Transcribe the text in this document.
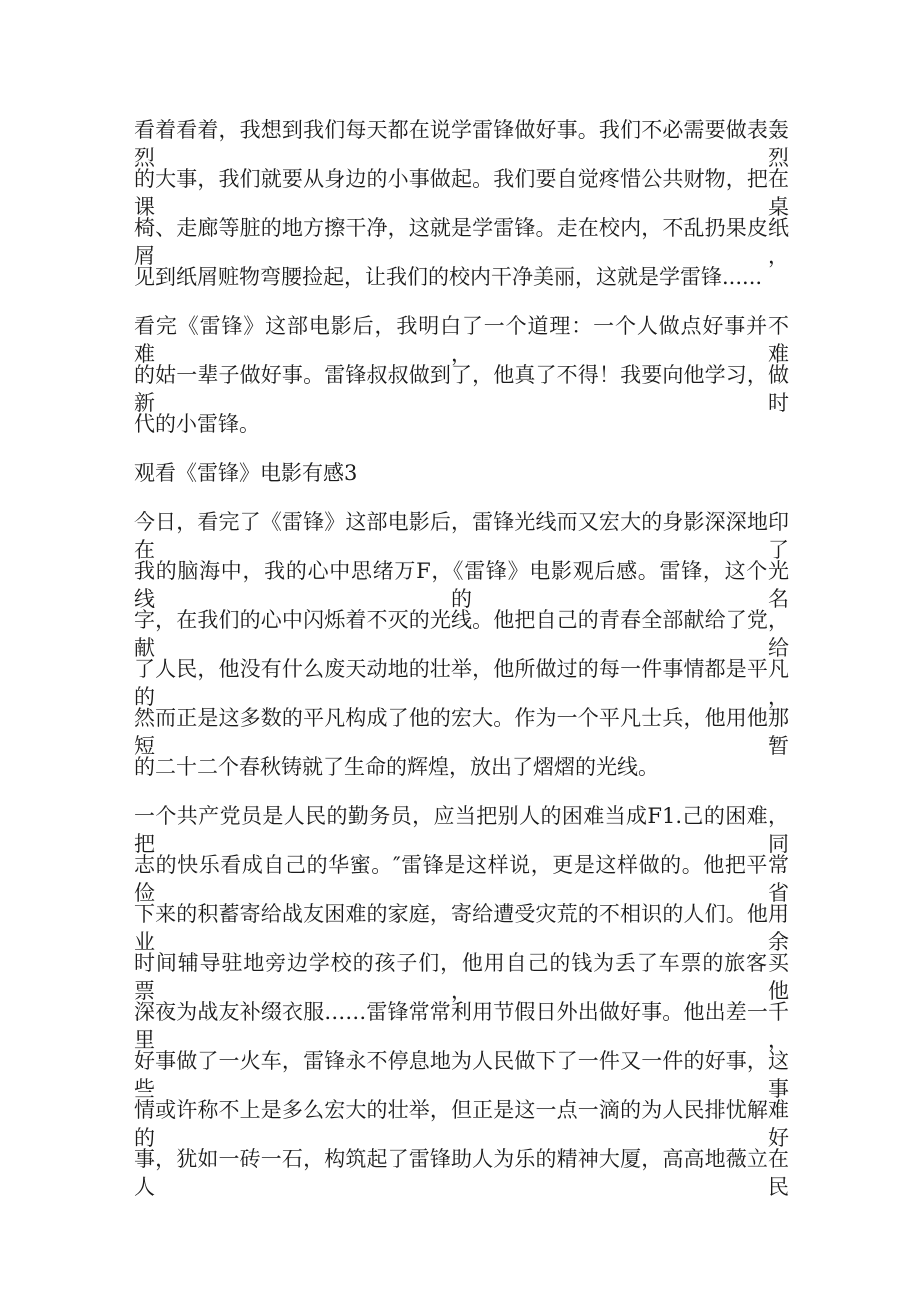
看着看着，我想到我们每天都在说学雷锋做好事。我们不必需要做表轰烈烈
的大事，我们就要从身边的小事做起。我们要自觉疼惜公共财物，把在课桌
椅、走廊等脏的地方擦干净，这就是学雷锋。走在校内，不乱扔果皮纸屑，
见到纸屑赃物弯腰捡起，让我们的校内干净美丽，这就是学雷锋......
看完《雷锋》这部电影后，我明白了一个道理：一个人做点好事并不难，难
的姑一辈子做好事。雷锋叔叔做到了，他真了不得！我要向他学习，做新时
代的小雷锋。
观看《雷锋》电影有感3
今日，看完了《雷锋》这部电影后，雷锋光线而又宏大的身影深深地印在了
我的脑海中，我的心中思绪万F，《雷锋》电影观后感。雷锋，这个光线的名
字，在我们的心中闪烁着不灭的光线。他把自己的青春全部献给了党，献给
了人民，他没有什么废天动地的壮举，他所做过的每一件事情都是平凡的，
然而正是这多数的平凡构成了他的宏大。作为一个平凡士兵，他用他那短暂
的二十二个春秋铸就了生命的辉煌，放出了熠熠的光线。
一个共产党员是人民的勤务员，应当把别人的困难当成F1.己的困难，把同
志的快乐看成自己的华蜜。″雷锋是这样说，更是这样做的。他把平常俭省
下来的积蓄寄给战友困难的家庭，寄给遭受灾荒的不相识的人们。他用业余
时间辅导驻地旁边学校的孩子们，他用自己的钱为丢了车票的旅客买票，他
深夜为战友补缀衣服……雷锋常常利用节假日外出做好事。他出差一千里，
好事做了一火车，雷锋永不停息地为人民做下了一件又一件的好事，这些事
情或许称不上是多么宏大的壮举，但正是这一点一滴的为人民排忧解难的好
事，犹如一砖一石，构筑起了雷锋助人为乐的精神大厦，高高地薇立在人民
